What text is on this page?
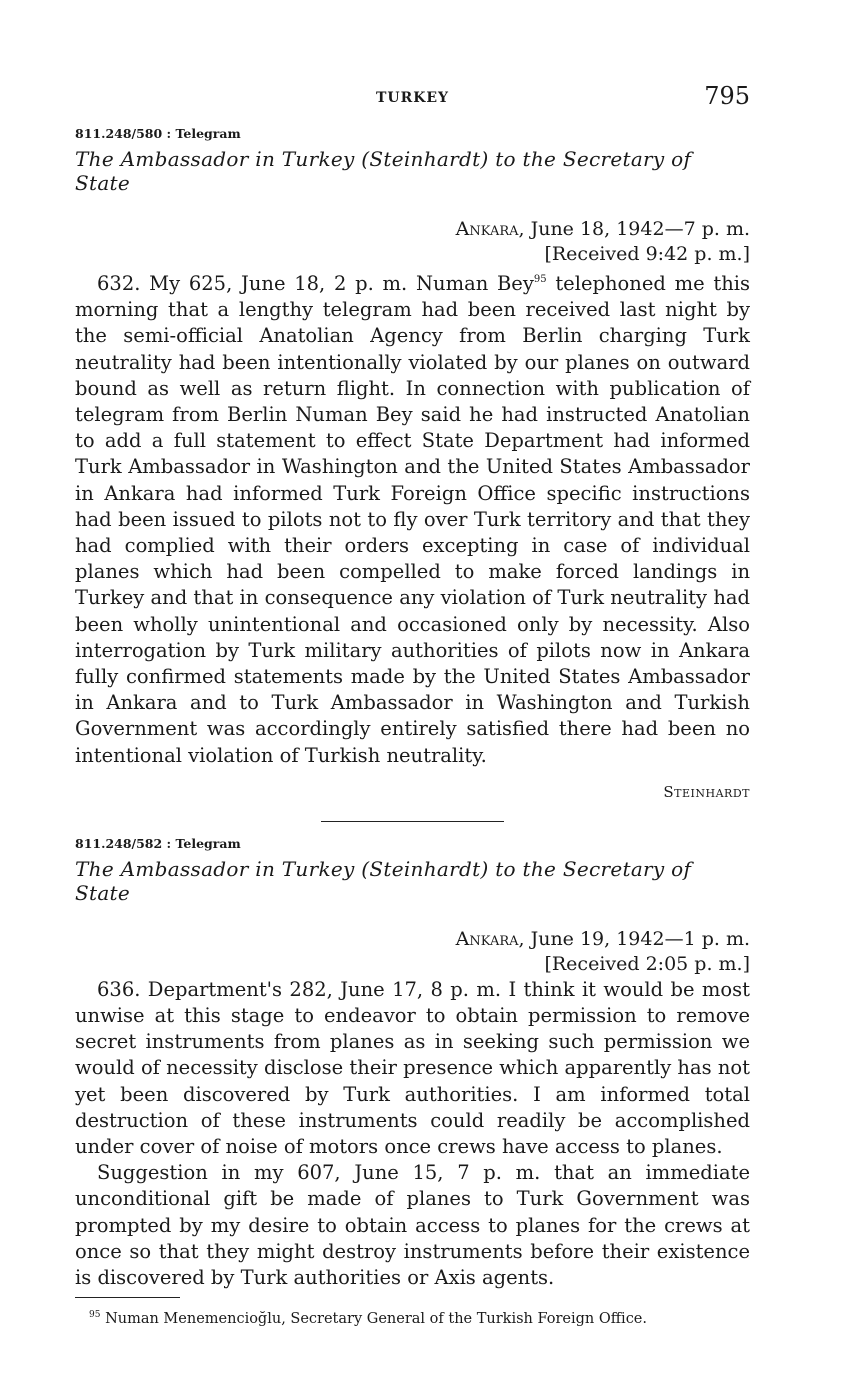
TURKEY	795
811.248/580 : Telegram
The Ambassador in Turkey (Steinhardt) to the Secretary of State
Ankara, June 18, 1942—7 p. m.
[Received 9:42 p. m.]

632. My 625, June 18, 2 p. m. Numan Bey$^{95}$ telephoned me this morning that a lengthy telegram had been received last night by the semi-official Anatolian Agency from Berlin charging Turk neutrality had been intentionally violated by our planes on outward bound as well as return flight. In connection with publication of telegram from Berlin Numan Bey said he had instructed Anatolian to add a full statement to effect State Department had informed Turk Ambassador in Washington and the United States Ambassador in Ankara had informed Turk Foreign Office specific instructions had been issued to pilots not to fly over Turk territory and that they had complied with their orders excepting in case of individual planes which had been compelled to make forced landings in Turkey and that in consequence any violation of Turk neutrality had been wholly unintentional and occasioned only by necessity. Also interrogation by Turk military authorities of pilots now in Ankara fully confirmed statements made by the United States Ambassador in Ankara and to Turk Ambassador in Washington and Turkish Government was accordingly entirely satisfied there had been no intentional violation of Turkish neutrality.

Steinhardt
811.248/582 : Telegram
The Ambassador in Turkey (Steinhardt) to the Secretary of State
Ankara, June 19, 1942—1 p. m.
[Received 2:05 p. m.]

636. Department's 282, June 17, 8 p. m. I think it would be most unwise at this stage to endeavor to obtain permission to remove secret instruments from planes as in seeking such permission we would of necessity disclose their presence which apparently has not yet been discovered by Turk authorities. I am informed total destruction of these instruments could readily be accomplished under cover of noise of motors once crews have access to planes.

Suggestion in my 607, June 15, 7 p. m. that an immediate unconditional gift be made of planes to Turk Government was prompted by my desire to obtain access to planes for the crews at once so that they might destroy instruments before their existence is discovered by Turk authorities or Axis agents.

$^{95}$ Numan Menemencioğlu, Secretary General of the Turkish Foreign Office.
